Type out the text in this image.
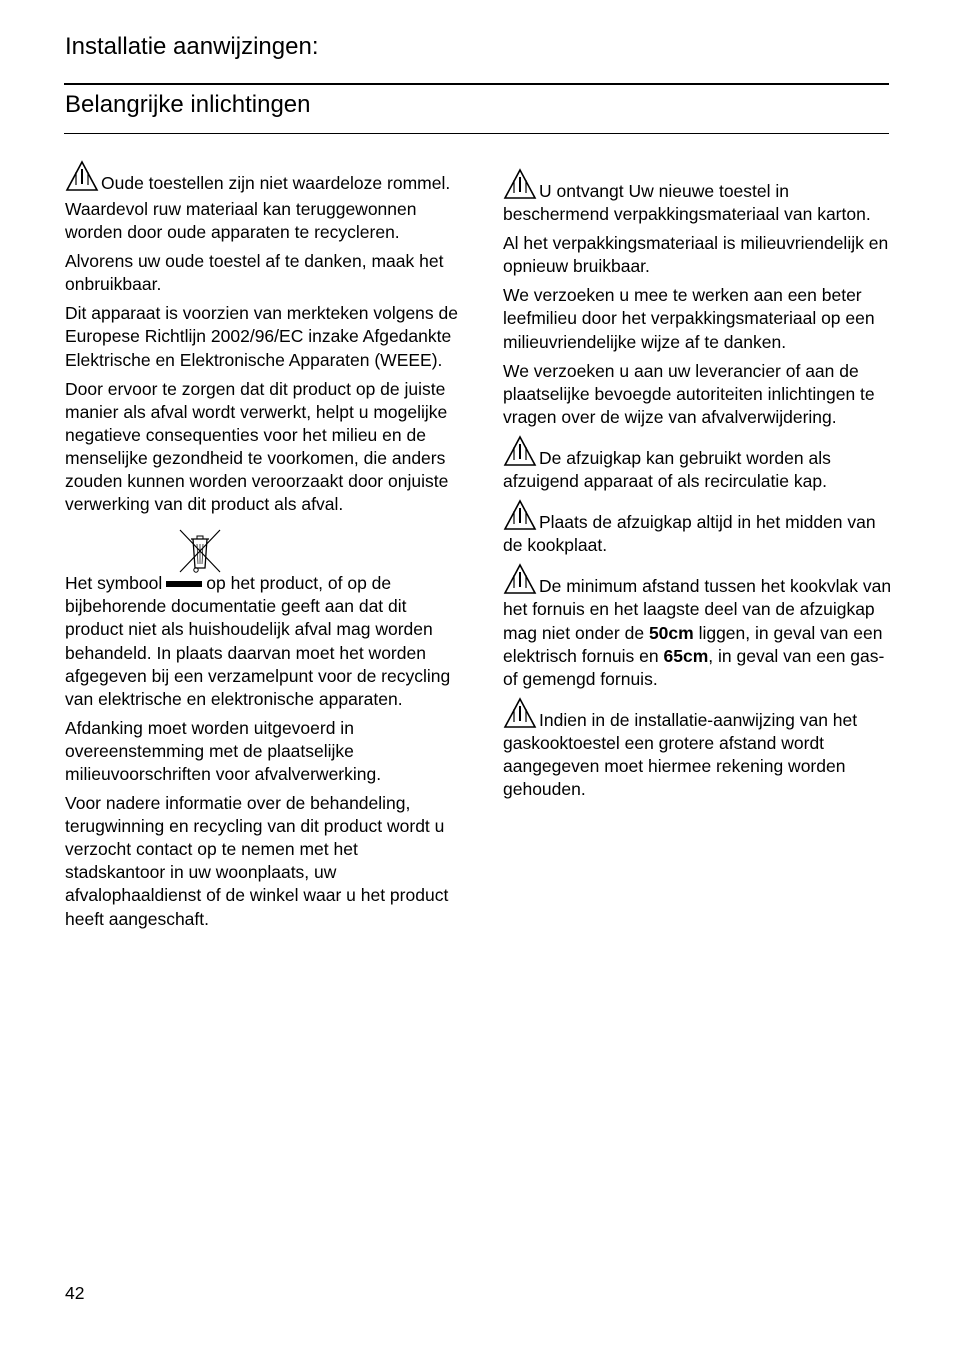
Installatie aanwijzingen:
Belangrijke inlichtingen

Oude toestellen zijn niet waardeloze rommel.

Waardevol ruw materiaal kan teruggewonnen worden door oude apparaten te recycleren.

Alvorens uw oude toestel af te danken, maak het onbruikbaar.

Dit apparaat is voorzien van merkteken volgens de Europese Richtlijn 2002/96/EC inzake Afgedankte Elektrische en Elektronische Apparaten (WEEE).

Door ervoor te zorgen dat dit product op de juiste manier als afval wordt verwerkt, helpt u mogelijke negatieve consequenties voor het milieu en de menselijke gezondheid te voorkomen, die anders zouden kunnen worden veroorzaakt door onjuiste verwerking van dit product als afval.

Het symbool	op het product, of op de bijbehorende documentatie geeft aan dat dit product niet als huishoudelijk afval mag worden behandeld. In plaats daarvan moet het worden afgegeven bij een verzamelpunt voor de recycling van elektrische en elektronische apparaten.

Afdanking moet worden uitgevoerd in overeenstemming met de plaatselijke milieuvoorschriften voor afvalverwerking.

Voor nadere informatie over de behandeling, terugwinning en recycling van dit product wordt u verzocht contact op te nemen met het stadskantoor in uw woonplaats, uw afvalophaaldienst of de winkel waar u het product heeft aangeschaft.

U ontvangt Uw nieuwe toestel in beschermend verpakkingsmateriaal van karton.

Al het verpakkingsmateriaal is milieuvriendelijk en opnieuw bruikbaar.

We verzoeken u mee te werken aan een beter leefmilieu door het verpakkingsmateriaal op een milieuvriendelijke wijze af te danken.

We verzoeken u aan uw leverancier of aan de plaatselijke bevoegde autoriteiten inlichtingen te vragen over de wijze van afvalverwijdering.

De afzuigkap kan gebruikt worden als afzuigend apparaat of als recirculatie kap.

Plaats de afzuigkap altijd in het midden van de kookplaat.

De minimum afstand tussen het kookvlak van het fornuis en het laagste deel van de afzuigkap mag niet onder de 50cm liggen, in geval van een elektrisch fornuis en 65cm, in geval van een gas- of gemengd fornuis.

Indien in de installatie-aanwijzing van het gaskooktoestel een grotere afstand wordt aangegeven moet hiermee rekening worden gehouden.

42
